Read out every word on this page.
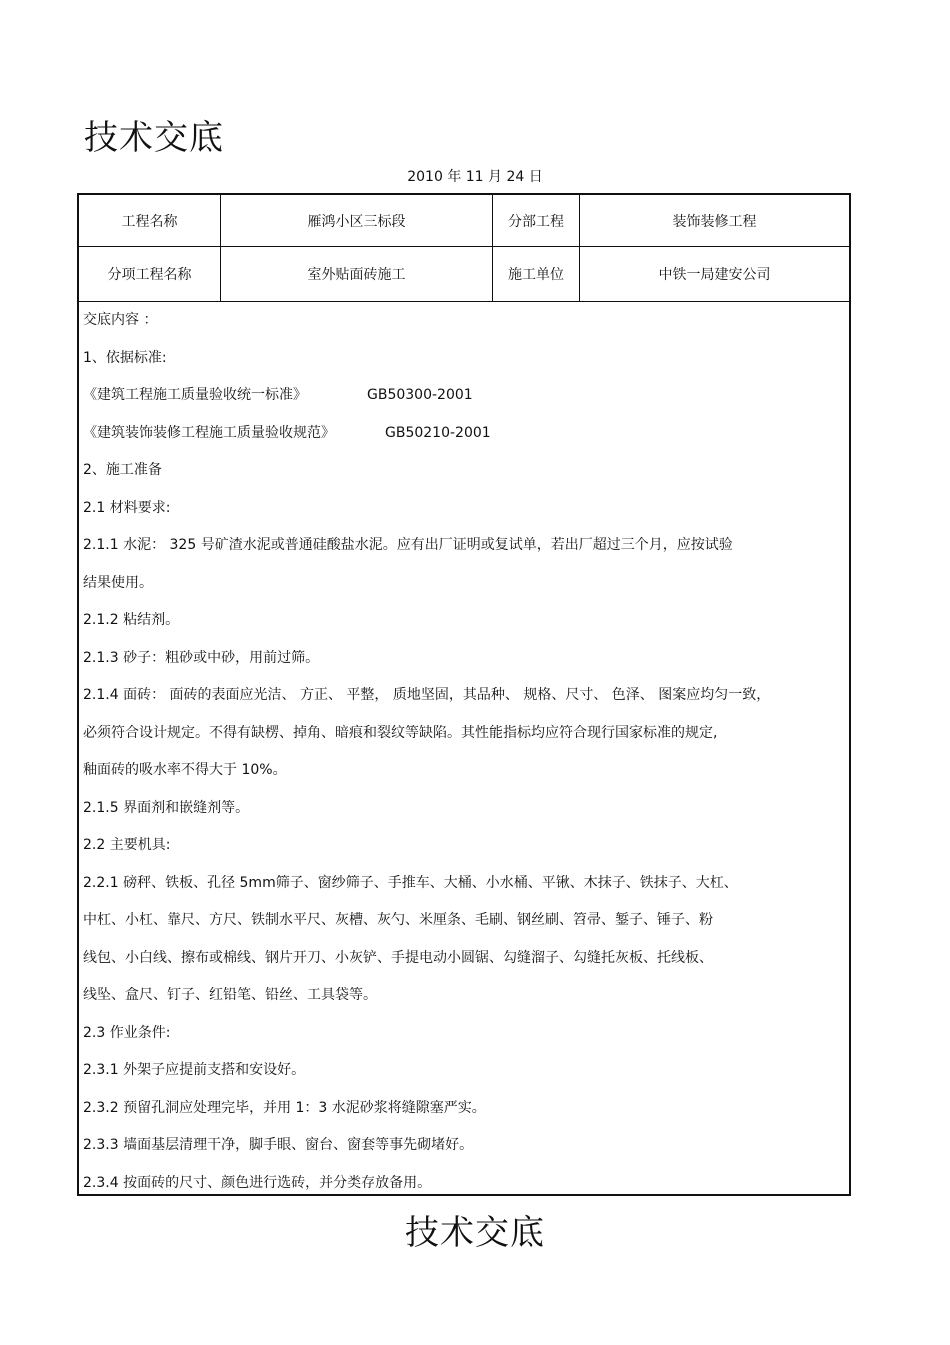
技术交底
2010 年 11 月 24 日
工程名称	雁鸿小区三标段	分部工程	装饰装修工程
分项工程名称	室外贴面砖施工	施工单位	中铁一局建安公司
交底内容 ：
1、依据标准:
《建筑工程施工质量验收统一标准》	GB50300-2001
《建筑装饰装修工程施工质量验收规范》	GB50210-2001
2、施工准备
2.1 材料要求:
2.1.1 水泥： 325 号矿渣水泥或普通硅酸盐水泥。应有出厂证明或复试单，若出厂超过三个月，应按试验
结果使用。
2.1.2 粘结剂。
2.1.3 砂子：粗砂或中砂，用前过筛。
2.1.4 面砖： 面砖的表面应光洁、 方正、 平整， 质地坚固，其品种、 规格、尺寸、 色泽、 图案应均匀一致，
必须符合设计规定。不得有缺楞、掉角、暗痕和裂纹等缺陷。其性能指标均应符合现行国家标准的规定,
釉面砖的吸水率不得大于 10%。
2.1.5 界面剂和嵌缝剂等。
2.2 主要机具:
2.2.1 磅秤、铁板、孔径 5mm筛子、窗纱筛子、手推车、大桶、小水桶、平锹、木抹子、铁抹子、大杠、
中杠、小杠、靠尺、方尺、铁制水平尺、灰槽、灰勺、米厘条、毛刷、钢丝刷、笤帚、錾子、锤子、粉
线包、小白线、擦布或棉线、钢片开刀、小灰铲、手提电动小圆锯、勾缝溜子、勾缝托灰板、托线板、
线坠、盒尺、钉子、红铅笔、铅丝、工具袋等。
2.3 作业条件:
2.3.1 外架子应提前支搭和安设好。
2.3.2 预留孔洞应处理完毕，并用 1：3 水泥砂浆将缝隙塞严实。
2.3.3 墙面基层清理干净，脚手眼、窗台、窗套等事先砌堵好。
2.3.4 按面砖的尺寸、颜色进行选砖，并分类存放备用。
技术交底
